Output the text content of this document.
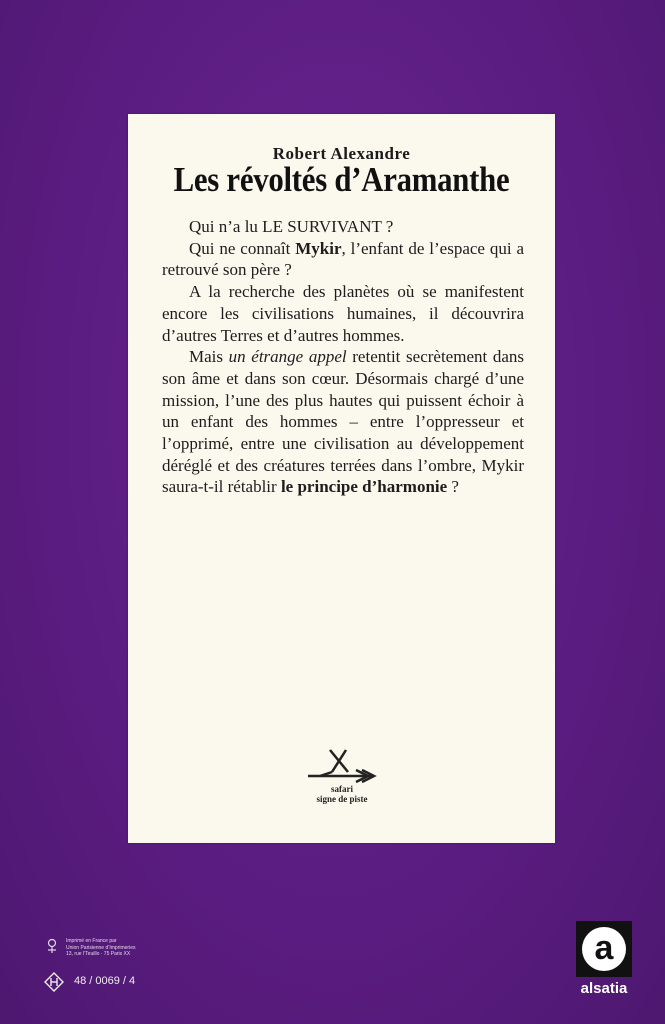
Robert Alexandre
Les révoltés d’Aramanthe

Qui n’a lu LE SURVIVANT ?

Qui ne connaît Mykir, l’enfant de l’espace qui a retrouvé son père ?

A la recherche des planètes où se manifestent encore les civilisations humaines, il découvrira d’autres Terres et d’autres hommes.

Mais un étrange appel retentit secrètement dans son âme et dans son cœur. Désormais chargé d’une mission, l’une des plus hautes qui puissent échoir à un enfant des hommes – entre l’oppresseur et l’opprimé, entre une civilisation au développement déréglé et des créatures terrées dans l’ombre, Mykir saura-t-il rétablir le principe d’harmonie ?

safari
signe de piste
Imprimé en France par
Union Parisienne d’Imprimeries
13, rue l’Teuillo · 75 Paris XX
48 / 0069 / 4
a
alsatia
